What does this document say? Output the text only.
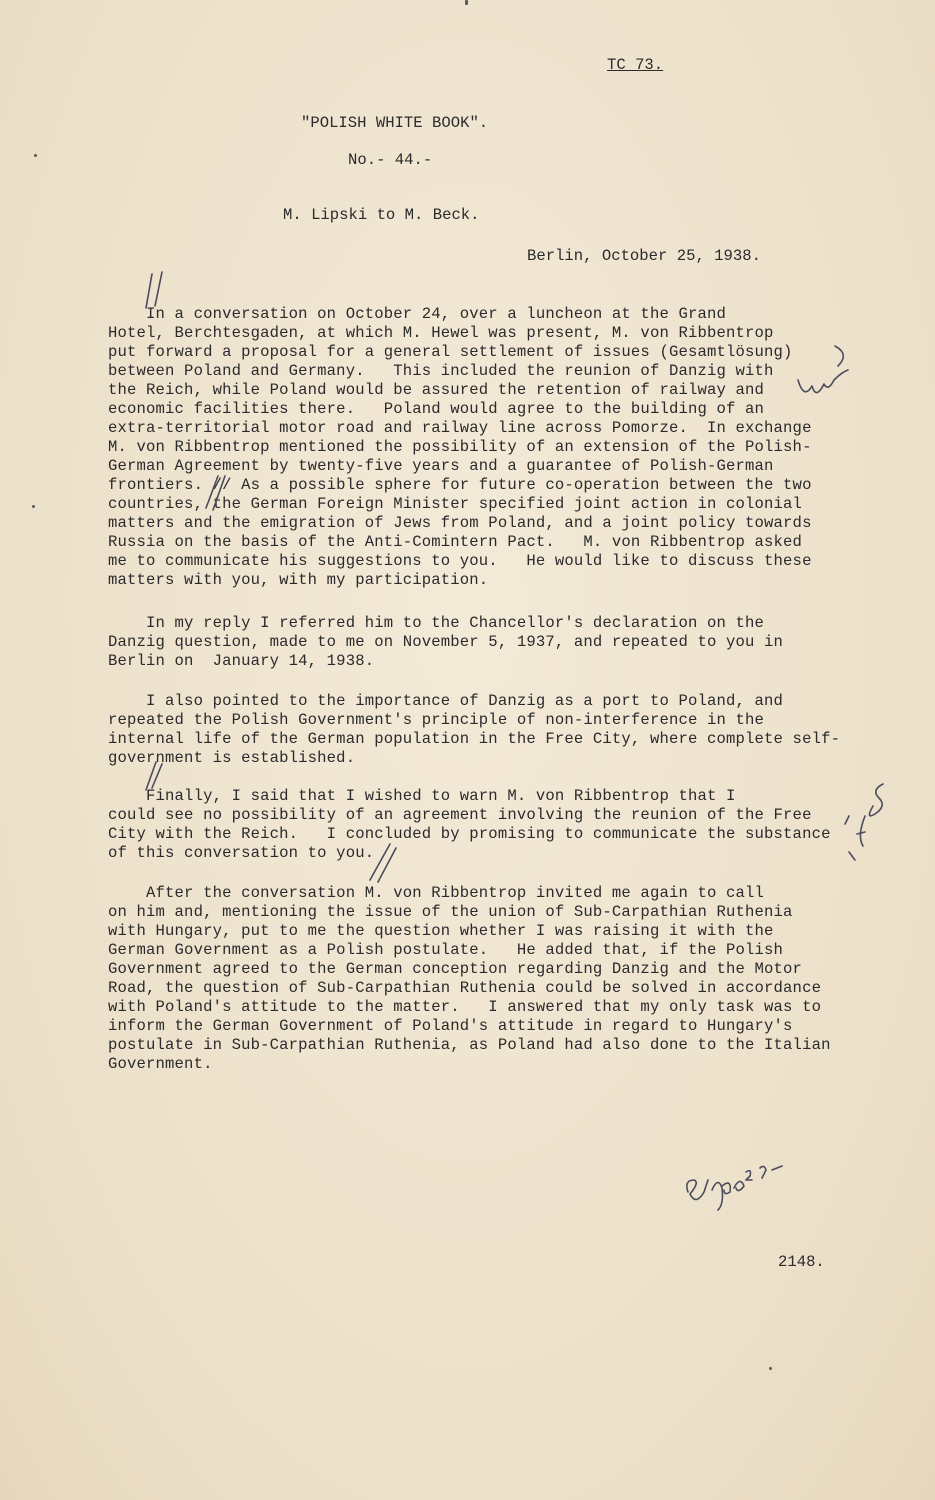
TC 73.
"POLISH WHITE BOOK".
No.- 44.-
M. Lipski to M. Beck.
Berlin, October 25, 1938.
In a conversation on October 24, over a luncheon at the Grand
Hotel, Berchtesgaden, at which M. Hewel was present, M. von Ribbentrop
put forward a proposal for a general settlement of issues (Gesamtlösung)
between Poland and Germany.   This included the reunion of Danzig with
the Reich, while Poland would be assured the retention of railway and
economic facilities there.   Poland would agree to the building of an
extra-territorial motor road and railway line across Pomorze.  In exchange
M. von Ribbentrop mentioned the possibility of an extension of the Polish-
German Agreement by twenty-five years and a guarantee of Polish-German
frontiers. // As a possible sphere for future co-operation between the two
countries, the German Foreign Minister specified joint action in colonial
matters and the emigration of Jews from Poland, and a joint policy towards
Russia on the basis of the Anti-Comintern Pact.   M. von Ribbentrop asked
me to communicate his suggestions to you.   He would like to discuss these
matters with you, with my participation.
In my reply I referred him to the Chancellor's declaration on the
Danzig question, made to me on November 5, 1937, and repeated to you in
Berlin on  January 14, 1938.
I also pointed to the importance of Danzig as a port to Poland, and
repeated the Polish Government's principle of non-interference in the
internal life of the German population in the Free City, where complete self-
government is established.
Finally, I said that I wished to warn M. von Ribbentrop that I
could see no possibility of an agreement involving the reunion of the Free
City with the Reich.   I concluded by promising to communicate the substance
of this conversation to you.
After the conversation M. von Ribbentrop invited me again to call
on him and, mentioning the issue of the union of Sub-Carpathian Ruthenia
with Hungary, put to me the question whether I was raising it with the
German Government as a Polish postulate.   He added that, if the Polish
Government agreed to the German conception regarding Danzig and the Motor
Road, the question of Sub-Carpathian Ruthenia could be solved in accordance
with Poland's attitude to the matter.   I answered that my only task was to
inform the German Government of Poland's attitude in regard to Hungary's
postulate in Sub-Carpathian Ruthenia, as Poland had also done to the Italian
Government.
2148.
